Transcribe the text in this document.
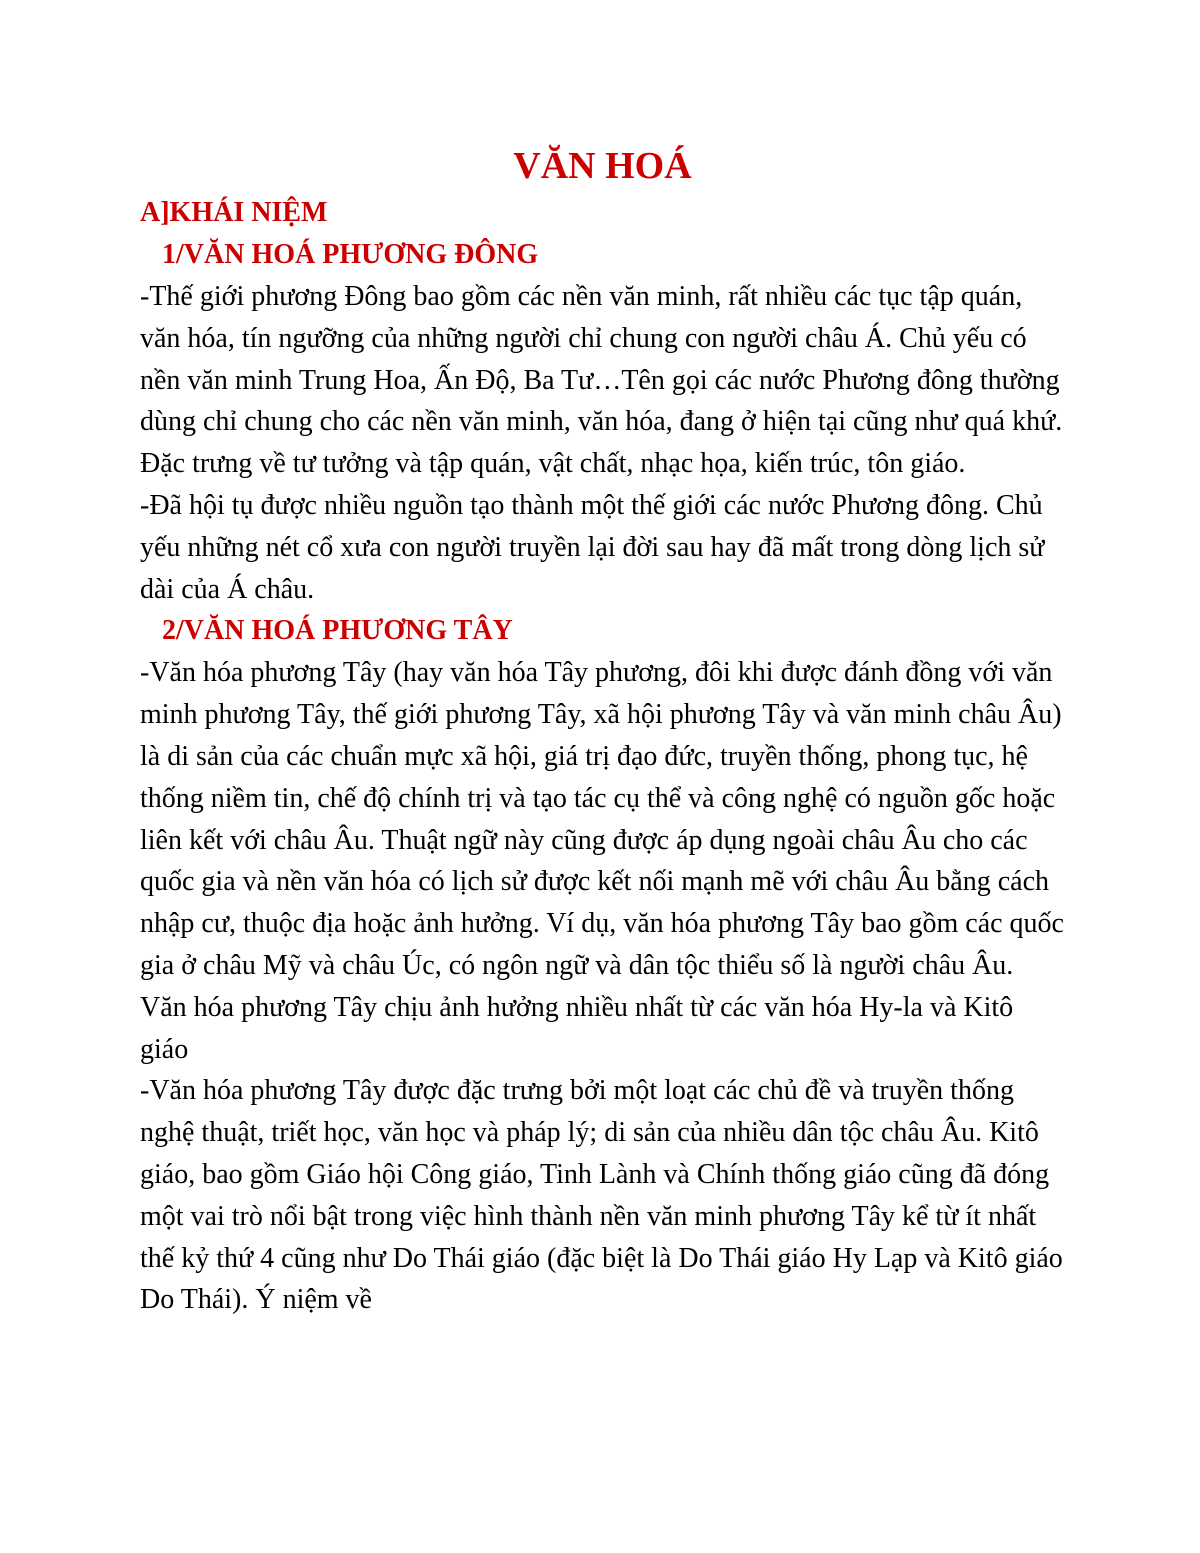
VĂN HOÁ
A]KHÁI NIỆM
1/VĂN HOÁ PHƯƠNG ĐÔNG

-Thế giới phương Đông bao gồm các nền văn minh, rất nhiều các tục tập quán, văn hóa, tín ngưỡng của những người chỉ chung con người châu Á. Chủ yếu có nền văn minh Trung Hoa, Ấn Độ, Ba Tư…Tên gọi các nước Phương đông thường dùng chỉ chung cho các nền văn minh, văn hóa, đang ở hiện tại cũng như quá khứ. Đặc trưng về tư tưởng và tập quán, vật chất, nhạc họa, kiến trúc, tôn giáo.

-Đã hội tụ được nhiều nguồn tạo thành một thế giới các nước Phương đông. Chủ yếu những nét cổ xưa con người truyền lại đời sau hay đã mất trong dòng lịch sử dài của Á châu.

2/VĂN HOÁ PHƯƠNG TÂY

-Văn hóa phương Tây (hay văn hóa Tây phương, đôi khi được đánh đồng với văn minh phương Tây, thế giới phương Tây, xã hội phương Tây và văn minh châu Âu) là di sản của các chuẩn mực xã hội, giá trị đạo đức, truyền thống, phong tục, hệ thống niềm tin, chế độ chính trị và tạo tác cụ thể và công nghệ có nguồn gốc hoặc liên kết với châu Âu. Thuật ngữ này cũng được áp dụng ngoài châu Âu cho các quốc gia và nền văn hóa có lịch sử được kết nối mạnh mẽ với châu Âu bằng cách nhập cư, thuộc địa hoặc ảnh hưởng. Ví dụ, văn hóa phương Tây bao gồm các quốc gia ở châu Mỹ và châu Úc, có ngôn ngữ và dân tộc thiểu số là người châu Âu. Văn hóa phương Tây chịu ảnh hưởng nhiều nhất từ các văn hóa Hy-la và Kitô giáo

-Văn hóa phương Tây được đặc trưng bởi một loạt các chủ đề và truyền thống nghệ thuật, triết học, văn học và pháp lý; di sản của nhiều dân tộc châu Âu. Kitô giáo, bao gồm Giáo hội Công giáo, Tinh Lành và Chính thống giáo cũng đã đóng một vai trò nổi bật trong việc hình thành nền văn minh phương Tây kể từ ít nhất thế kỷ thứ 4 cũng như Do Thái giáo (đặc biệt là Do Thái giáo Hy Lạp và Kitô giáo Do Thái). Ý niệm về
